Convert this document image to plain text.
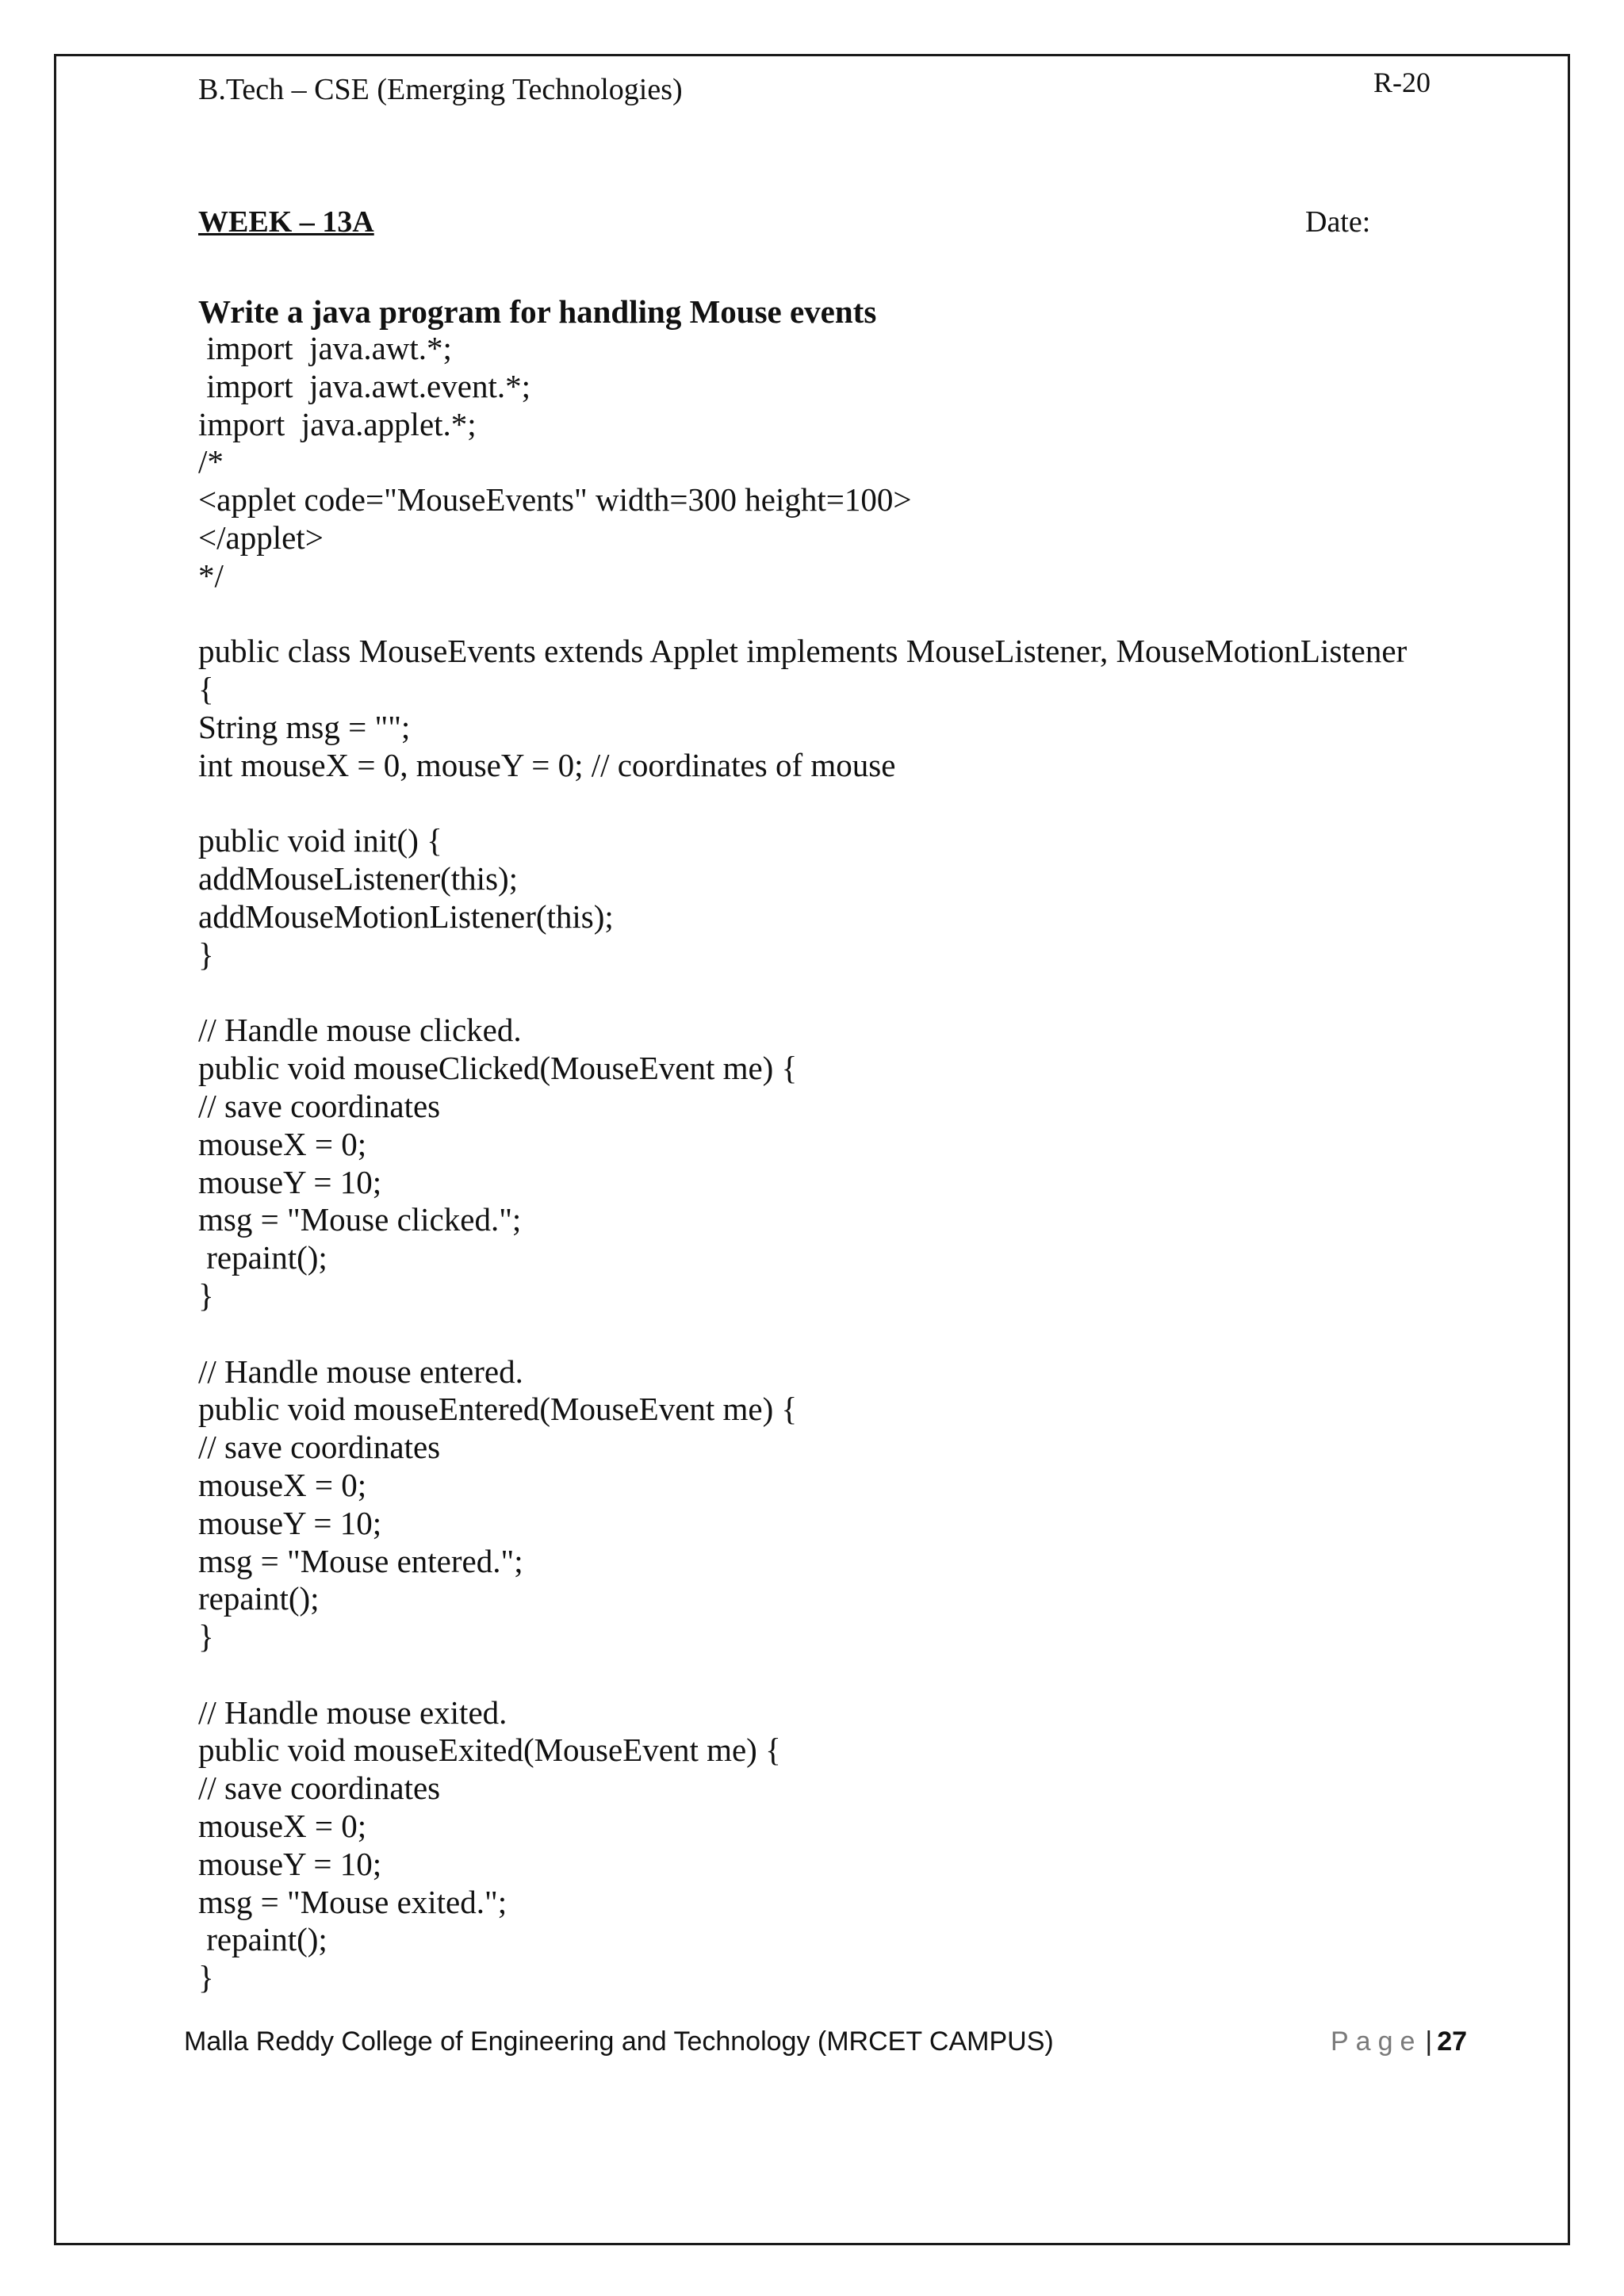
B.Tech – CSE (Emerging Technologies)	R-20
WEEK – 13A	Date:
Write a java program for handling Mouse events
import  java.awt.*;
import  java.awt.event.*;
import  java.applet.*;
/*
<applet code="MouseEvents" width=300 height=100>
</applet>
*/
public class MouseEvents extends Applet implements MouseListener, MouseMotionListener
{
String msg = "";
int mouseX = 0, mouseY = 0; // coordinates of mouse
public void init() {
addMouseListener(this);
addMouseMotionListener(this);
}
// Handle mouse clicked.
public void mouseClicked(MouseEvent me) {
// save coordinates
mouseX = 0;
mouseY = 10;
msg = "Mouse clicked.";
repaint();
}
// Handle mouse entered.
public void mouseEntered(MouseEvent me) {
// save coordinates
mouseX = 0;
mouseY = 10;
msg = "Mouse entered.";
repaint();
}
// Handle mouse exited.
public void mouseExited(MouseEvent me) {
// save coordinates
mouseX = 0;
mouseY = 10;
msg = "Mouse exited.";
repaint();
}
Malla Reddy College of Engineering and Technology (MRCET CAMPUS)	Page | 27
